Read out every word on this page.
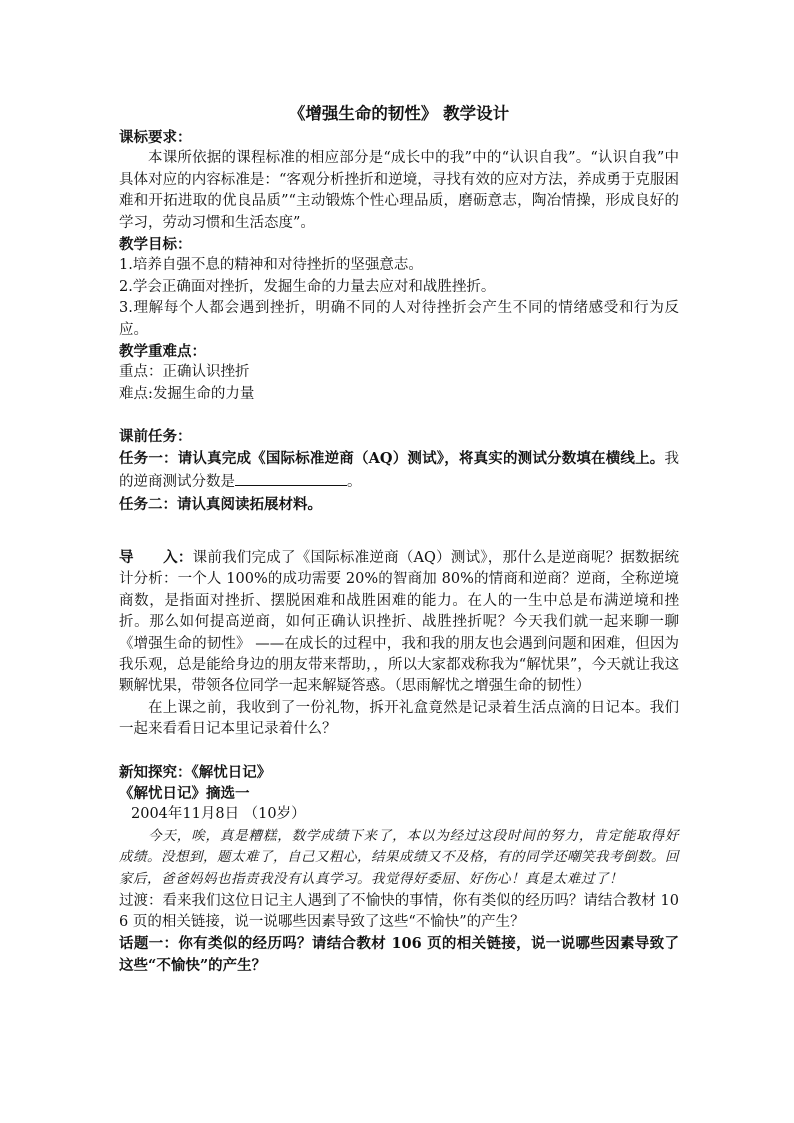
《增强生命的韧性》 教学设计

课标要求：

本课所依据的课程标准的相应部分是“成长中的我”中的“认识自我”。“认识自我”中具体对应的内容标准是：“客观分析挫折和逆境，寻找有效的应对方法，养成勇于克服困难和开拓进取的优良品质”“主动锻炼个性心理品质，磨砺意志，陶冶情操，形成良好的学习，劳动习惯和生活态度”。

教学目标：

1.培养自强不息的精神和对待挫折的坚强意志。

2.学会正确面对挫折，发掘生命的力量去应对和战胜挫折。

3.理解每个人都会遇到挫折，明确不同的人对待挫折会产生不同的情绪感受和行为反应。

教学重难点：

重点：正确认识挫折

难点:发掘生命的力量

课前任务：

任务一：请认真完成《国际标准逆商（AQ）测试》，将真实的测试分数填在横线上。我的逆商测试分数是	。

任务二：请认真阅读拓展材料。

导　　入：课前我们完成了《国际标准逆商（AQ）测试》，那什么是逆商呢？据数据统计分析：一个人 100%的成功需要 20%的智商加 80%的情商和逆商？逆商，全称逆境商数，是指面对挫折、摆脱困难和战胜困难的能力。在人的一生中总是布满逆境和挫折。那么如何提高逆商，如何正确认识挫折、战胜挫折呢？今天我们就一起来聊一聊《增强生命的韧性》 ——在成长的过程中，我和我的朋友也会遇到问题和困难，但因为我乐观，总是能给身边的朋友带来帮助，，所以大家都戏称我为“解忧果”，今天就让我这颗解忧果，带领各位同学一起来解疑答惑。（思雨解忧之增强生命的韧性）

在上课之前，我收到了一份礼物，拆开礼盒竟然是记录着生活点滴的日记本。我们一起来看看日记本里记录着什么？

新知探究：《解忧日记》

《解忧日记》摘选一

2004年11月8日 （10岁）

今天，唉，真是糟糕，数学成绩下来了，本以为经过这段时间的努力，肯定能取得好成绩。没想到，题太难了，自己又粗心，结果成绩又不及格，有的同学还嘲笑我考倒数。回家后，爸爸妈妈也指责我没有认真学习。我觉得好委屈、好伤心！真是太难过了！

过渡：看来我们这位日记主人遇到了不愉快的事情，你有类似的经历吗？请结合教材 106 页的相关链接，说一说哪些因素导致了这些“不愉快”的产生？

话题一：你有类似的经历吗？请结合教材 106 页的相关链接，说一说哪些因素导致了这些“不愉快”的产生？
